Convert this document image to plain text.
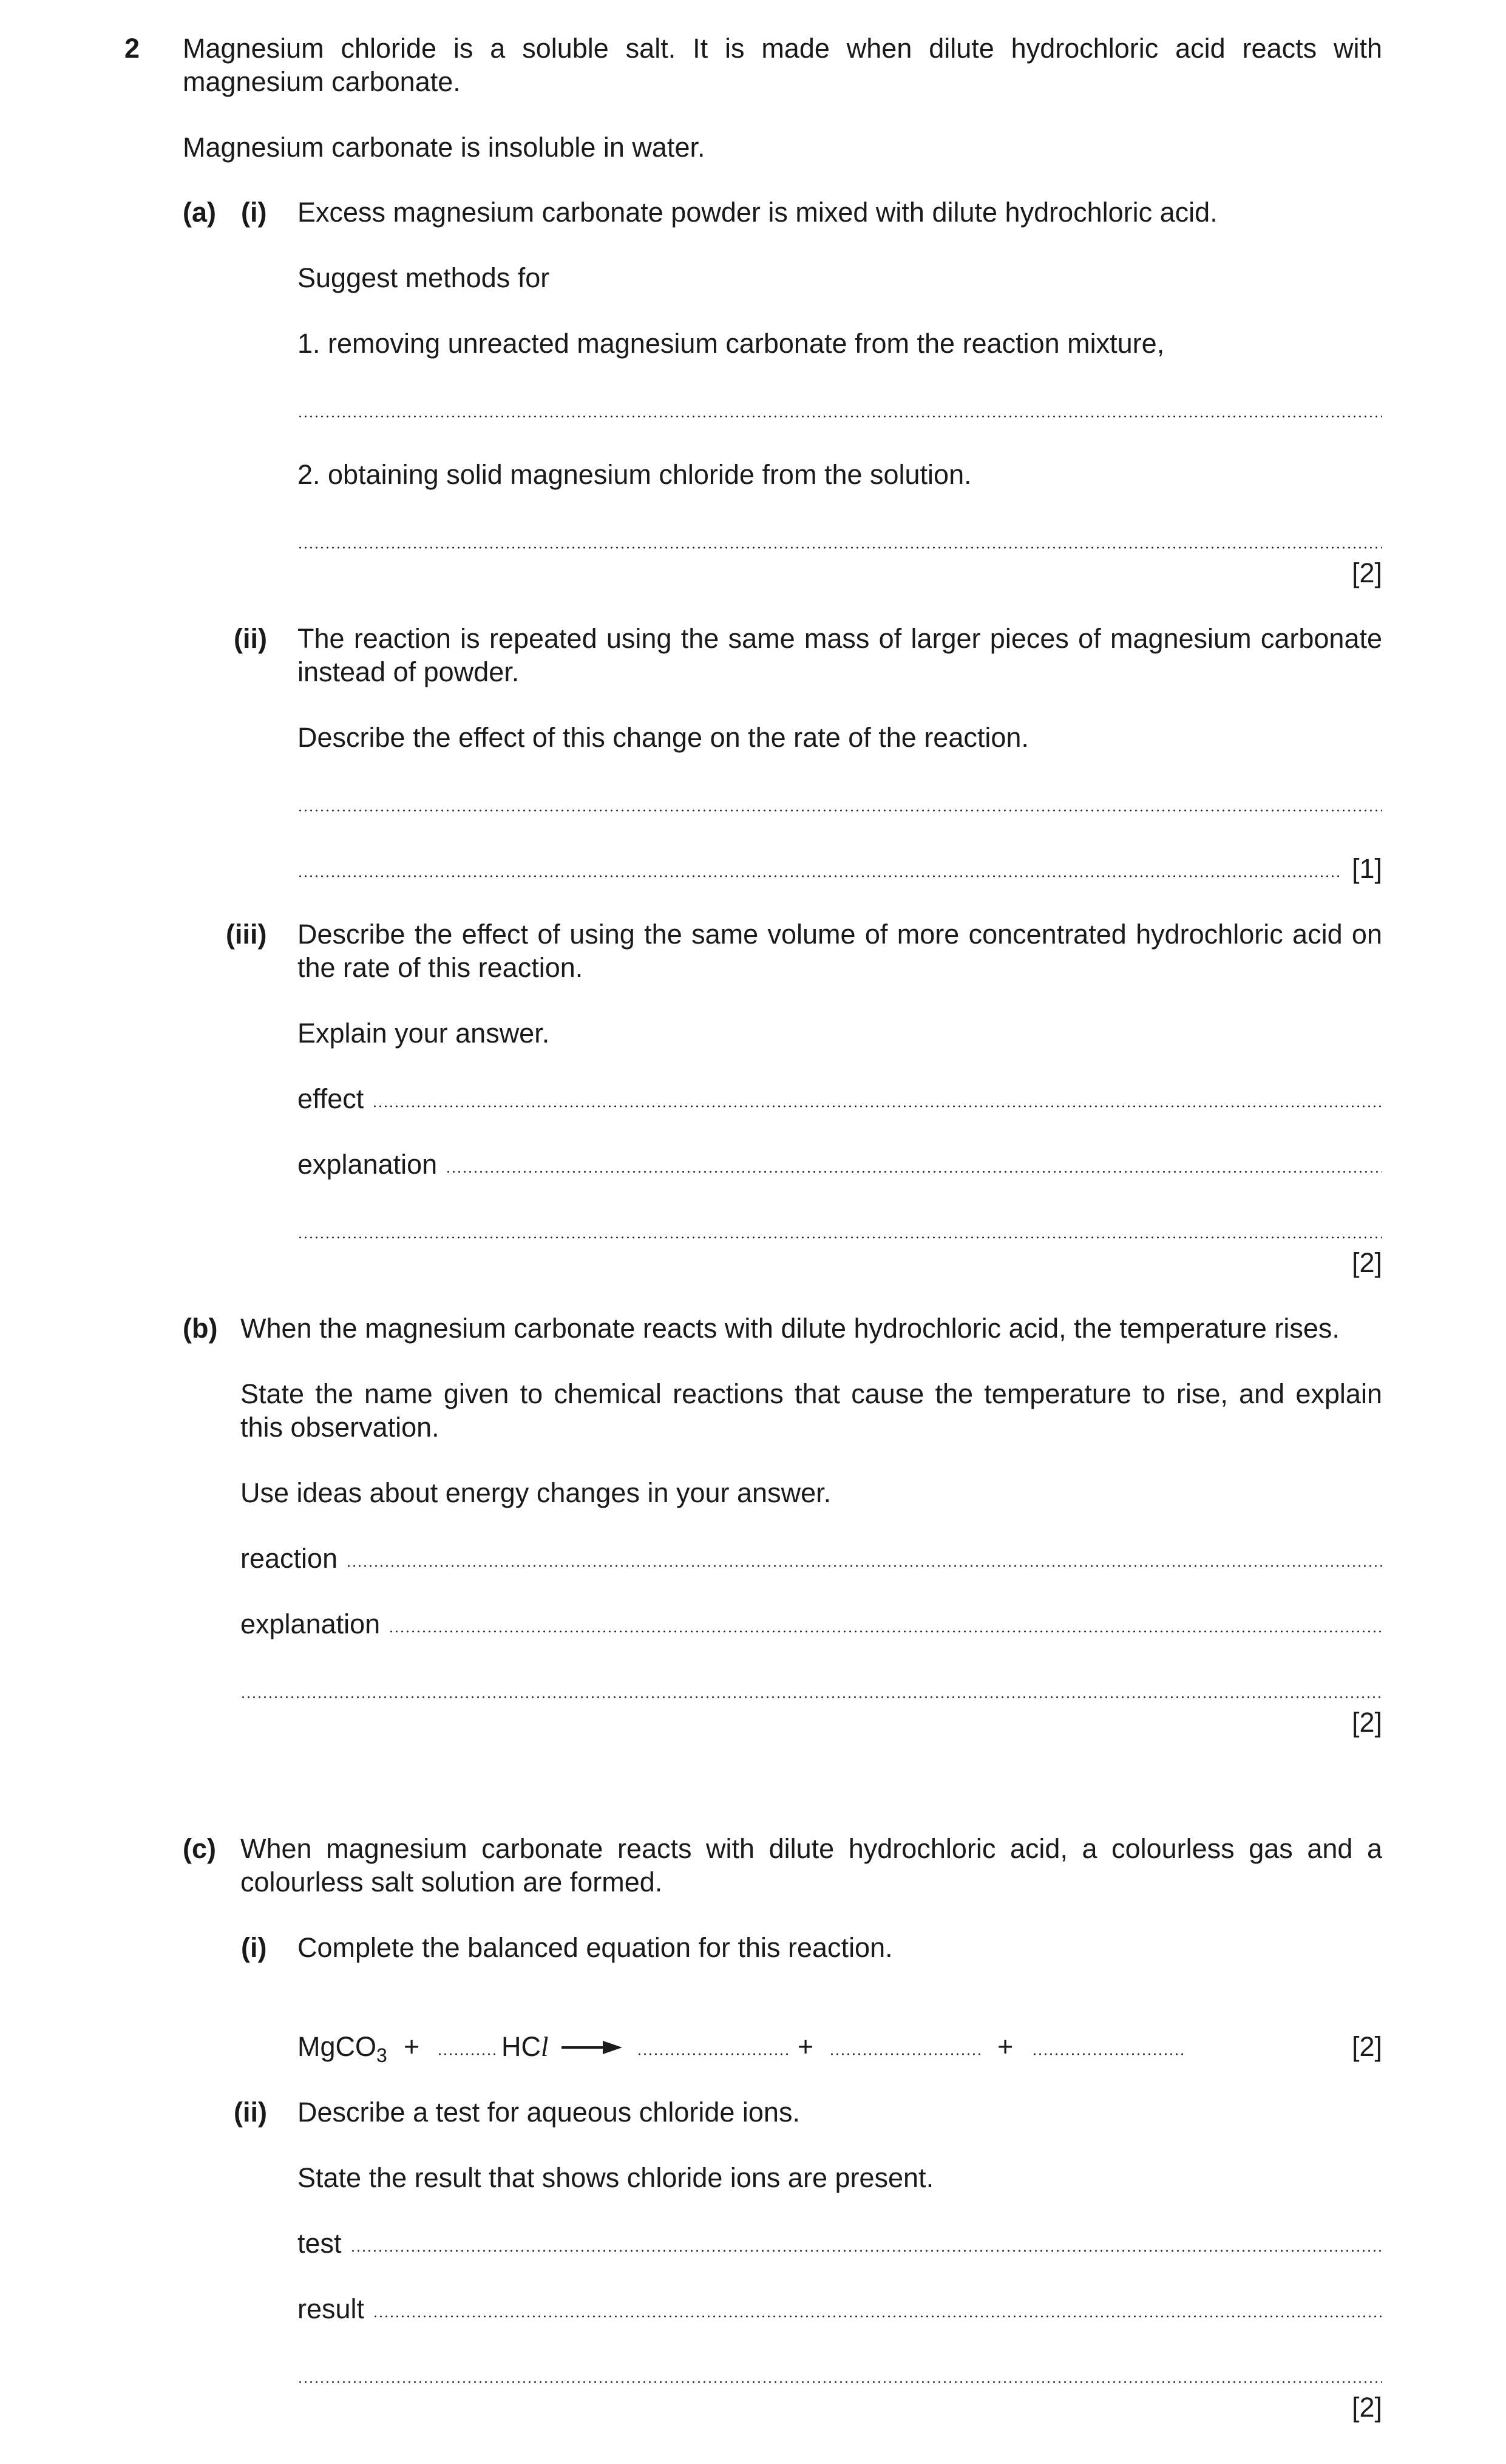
2 Magnesium chloride is a soluble salt. It is made when dilute hydrochloric acid reacts with magnesium carbonate.
Magnesium carbonate is insoluble in water.
(a) (i) Excess magnesium carbonate powder is mixed with dilute hydrochloric acid.
Suggest methods for
1. removing unreacted magnesium carbonate from the reaction mixture,
2. obtaining solid magnesium chloride from the solution.
[2]
(ii) The reaction is repeated using the same mass of larger pieces of magnesium carbonate instead of powder.
Describe the effect of this change on the rate of the reaction.
[1]
(iii) Describe the effect of using the same volume of more concentrated hydrochloric acid on the rate of this reaction.
Explain your answer.
effect
explanation
[2]
(b) When the magnesium carbonate reacts with dilute hydrochloric acid, the temperature rises.
State the name given to chemical reactions that cause the temperature to rise, and explain this observation.
Use ideas about energy changes in your answer.
reaction
explanation
[2]
(c) When magnesium carbonate reacts with dilute hydrochloric acid, a colourless gas and a colourless salt solution are formed.
(i) Complete the balanced equation for this reaction.
MgCO$_3$ +	HCl	+	+	[2]
(ii) Describe a test for aqueous chloride ions.
State the result that shows chloride ions are present.
test
result
[2]
